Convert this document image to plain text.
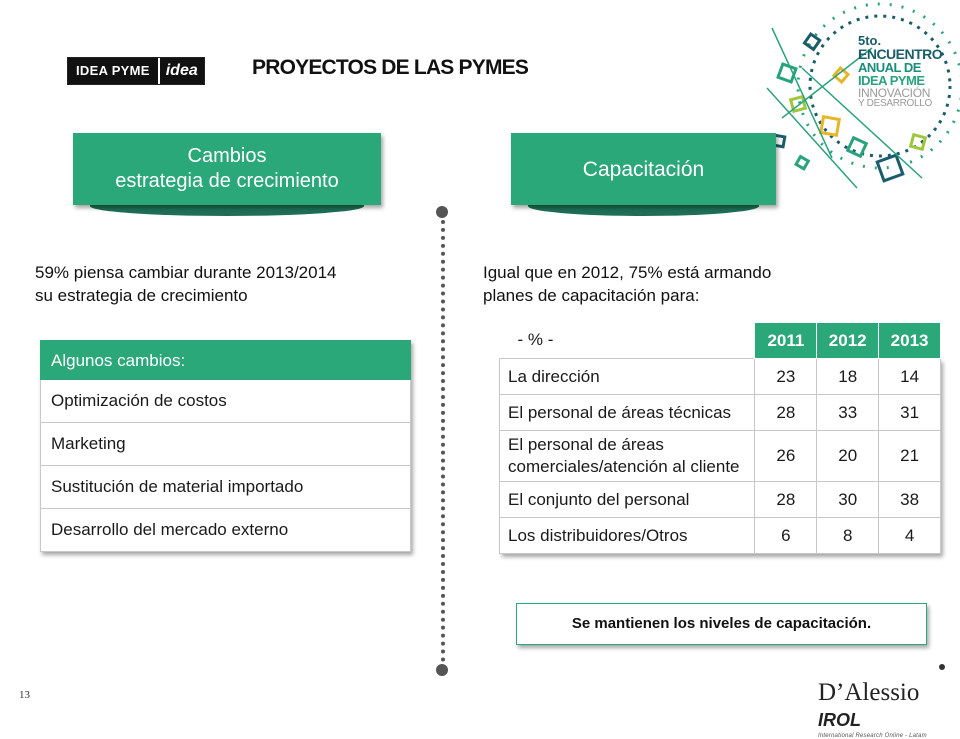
IDEA PYME	idea	PROYECTOS DE LAS PYMES
5to.
ENCUENTRO
ANUAL DE
IDEA PYME
INNOVACIÓN
Y DESARROLLO
Cambios
estrategia de crecimiento
Capacitación
59% piensa cambiar durante 2013/2014
su estrategia de crecimiento
Algunos cambios:
Optimización de costos
Marketing
Sustitución de material importado
Desarrollo del mercado externo
Igual que en 2012, 75% está armando
planes de capacitación para:
- % -	2011	2012	2013
La dirección	23	18	14
El personal de áreas técnicas	28	33	31
El personal de áreas comerciales/atención al cliente	26	20	21
El conjunto del personal	28	30	38
Los distribuidores/Otros	6	8	4
Se mantienen los niveles de capacitación.
13	D’Alessio IROL
International Research Online - Latam
